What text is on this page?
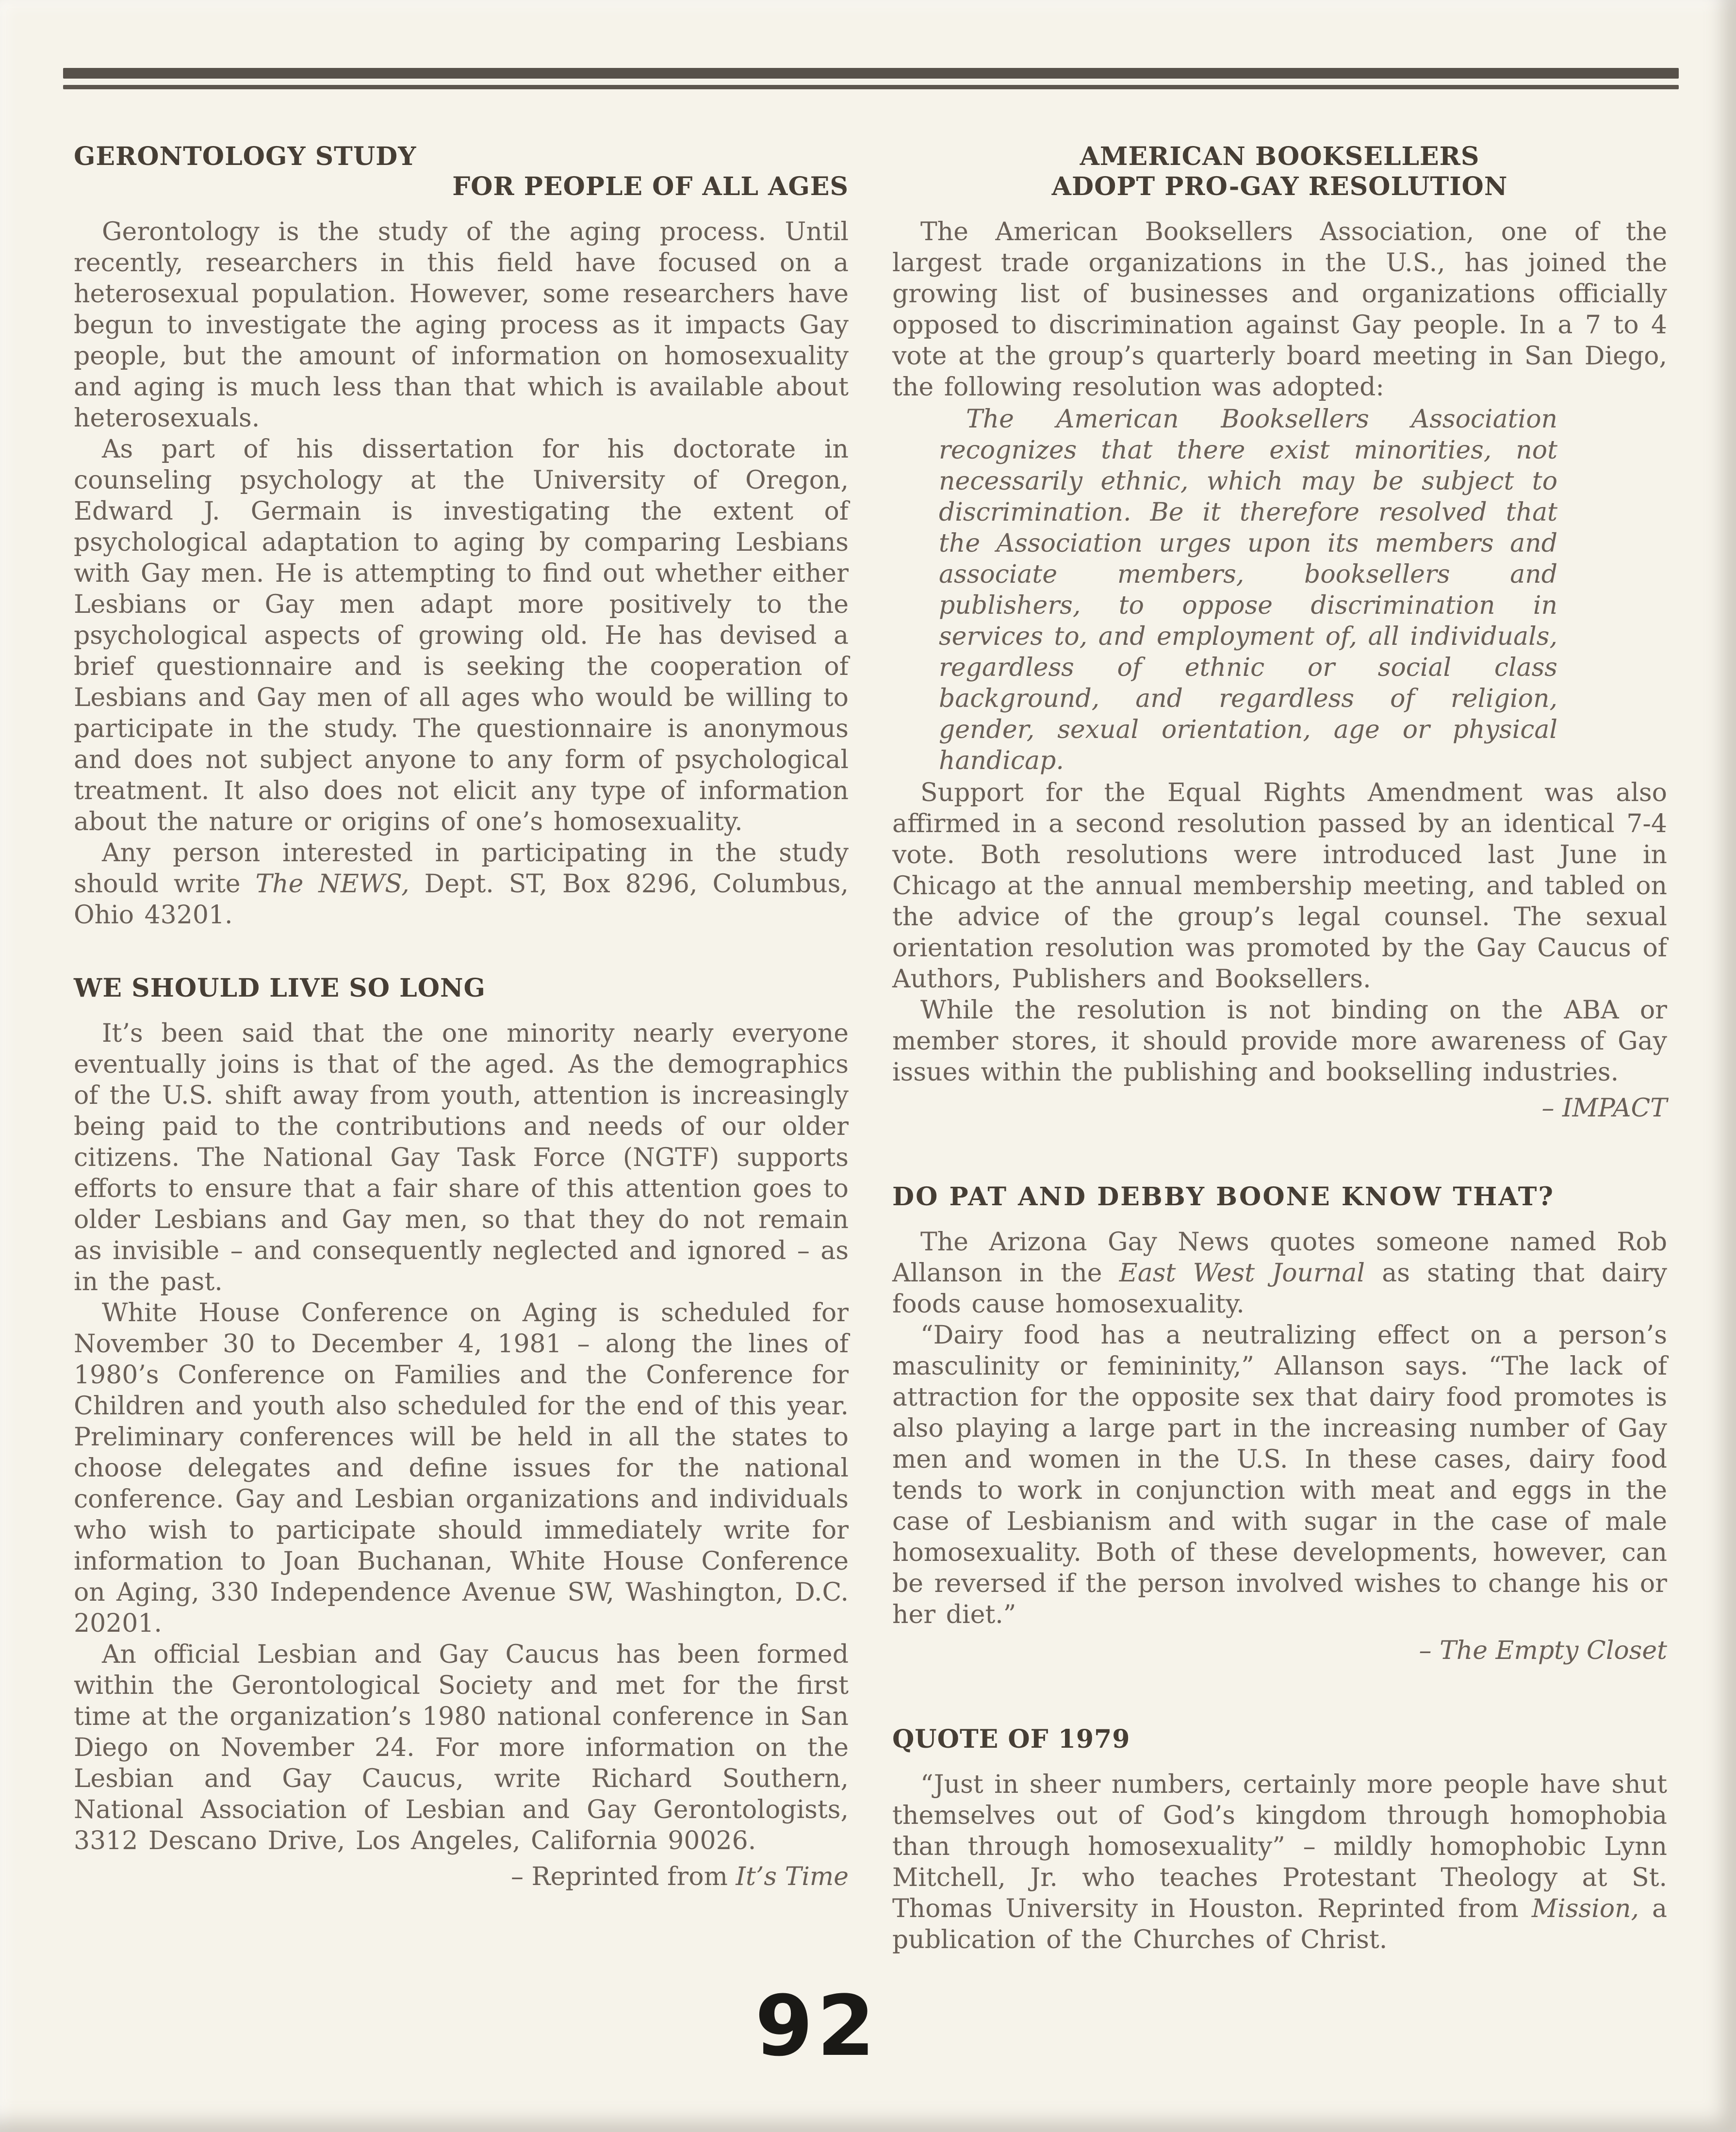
GERONTOLOGY STUDY
FOR PEOPLE OF ALL AGES

Gerontology is the study of the aging process. Until recently, researchers in this field have focused on a heterosexual population. However, some researchers have begun to investigate the aging process as it impacts Gay people, but the amount of information on homosexuality and aging is much less than that which is available about heterosexuals.

As part of his dissertation for his doctorate in counseling psychology at the University of Oregon, Edward J. Germain is investigating the extent of psychological adaptation to aging by comparing Lesbians with Gay men. He is attempting to find out whether either Lesbians or Gay men adapt more positively to the psychological aspects of growing old. He has devised a brief questionnaire and is seeking the cooperation of Lesbians and Gay men of all ages who would be willing to participate in the study. The questionnaire is anonymous and does not subject anyone to any form of psychological treatment. It also does not elicit any type of information about the nature or origins of one’s homosexuality.

Any person interested in participating in the study should write The NEWS, Dept. ST, Box 8296, Columbus, Ohio 43201.

WE SHOULD LIVE SO LONG

It’s been said that the one minority nearly everyone eventually joins is that of the aged. As the demographics of the U.S. shift away from youth, attention is increasingly being paid to the contributions and needs of our older citizens. The National Gay Task Force (NGTF) supports efforts to ensure that a fair share of this attention goes to older Lesbians and Gay men, so that they do not remain as invisible – and consequently neglected and ignored – as in the past.

White House Conference on Aging is scheduled for November 30 to December 4, 1981 – along the lines of 1980’s Conference on Families and the Conference for Children and youth also scheduled for the end of this year. Preliminary conferences will be held in all the states to choose delegates and define issues for the national conference. Gay and Lesbian organizations and individuals who wish to participate should immediately write for information to Joan Buchanan, White House Conference on Aging, 330 Independence Avenue SW, Washington, D.C. 20201.

An official Lesbian and Gay Caucus has been formed within the Gerontological Society and met for the first time at the organization’s 1980 national conference in San Diego on November 24. For more information on the Lesbian and Gay Caucus, write Richard Southern, National Association of Lesbian and Gay Gerontologists, 3312 Descano Drive, Los Angeles, California 90026.

– Reprinted from It’s Time

AMERICAN BOOKSELLERS
ADOPT PRO-GAY RESOLUTION

The American Booksellers Association, one of the largest trade organizations in the U.S., has joined the growing list of businesses and organizations officially opposed to discrimination against Gay people. In a 7 to 4 vote at the group’s quarterly board meeting in San Diego, the following resolution was adopted:

The American Booksellers Association recognizes that there exist minorities, not necessarily ethnic, which may be subject to discrimination. Be it therefore resolved that the Association urges upon its members and associate members, booksellers and publishers, to oppose discrimination in services to, and employment of, all individuals, regardless of ethnic or social class background, and regardless of religion, gender, sexual orientation, age or physical handicap.

Support for the Equal Rights Amendment was also affirmed in a second resolution passed by an identical 7-4 vote. Both resolutions were introduced last June in Chicago at the annual membership meeting, and tabled on the advice of the group’s legal counsel. The sexual orientation resolution was promoted by the Gay Caucus of Authors, Publishers and Booksellers.

While the resolution is not binding on the ABA or member stores, it should provide more awareness of Gay issues within the publishing and bookselling industries.

– IMPACT

DO PAT AND DEBBY BOONE KNOW THAT?

The Arizona Gay News quotes someone named Rob Allanson in the East West Journal as stating that dairy foods cause homosexuality.

“Dairy food has a neutralizing effect on a person’s masculinity or femininity,” Allanson says. “The lack of attraction for the opposite sex that dairy food promotes is also playing a large part in the increasing number of Gay men and women in the U.S. In these cases, dairy food tends to work in conjunction with meat and eggs in the case of Lesbianism and with sugar in the case of male homosexuality. Both of these developments, however, can be reversed if the person involved wishes to change his or her diet.”

– The Empty Closet

QUOTE OF 1979

“Just in sheer numbers, certainly more people have shut themselves out of God’s kingdom through homophobia than through homosexuality” – mildly homophobic Lynn Mitchell, Jr. who teaches Protestant Theology at St. Thomas University in Houston. Reprinted from Mission, a publication of the Churches of Christ.

92
